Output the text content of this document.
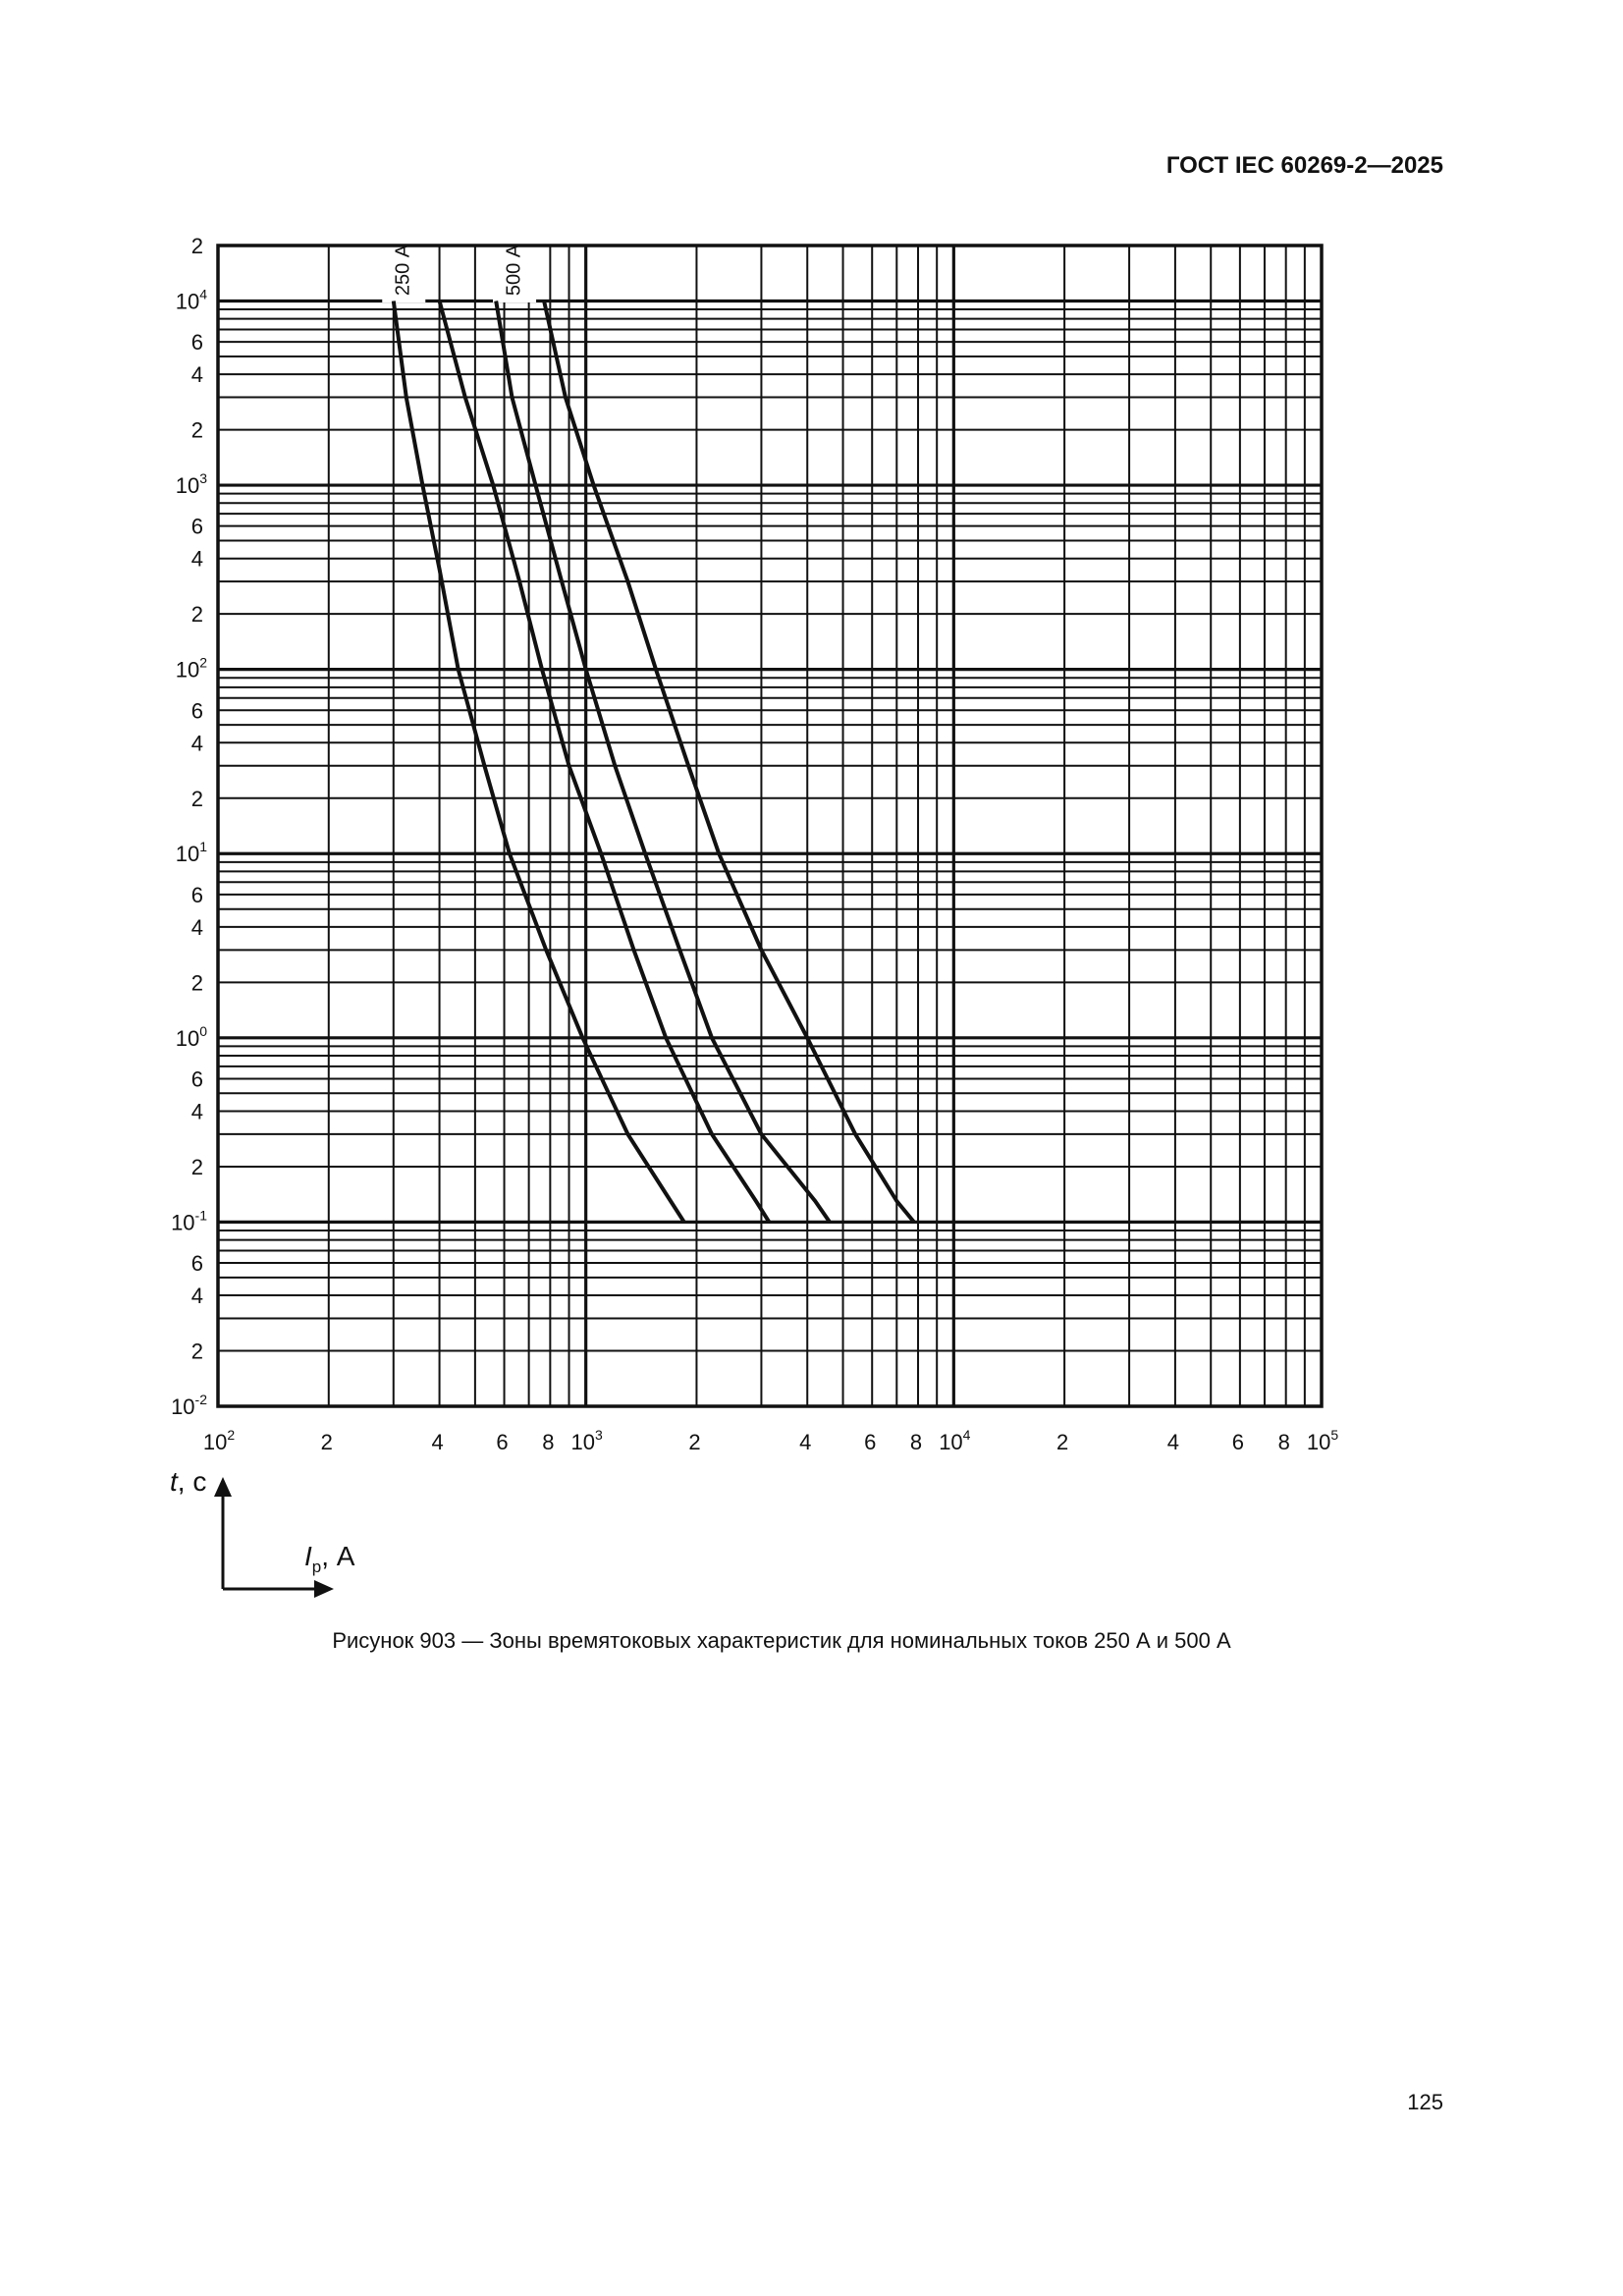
ГОСТ IEC 60269-2—2025
2
4
6
2
4
6
2
4
6
2
4
6
2
4
6
2
4
6
2
$10^{-2}$
$10^{-1}$
$10^0$
$10^1$
$10^2$
$10^3$
$10^4$
2	4 6 8	2	4 6 8	2	4 6 8
$10^2$	$10^3$	$10^4$	$10^5$
250 А	500 А
t, с
$I_р$, А
Рисунок 903 — Зоны времятоковых характеристик для номинальных токов 250 А и 500 А
125
